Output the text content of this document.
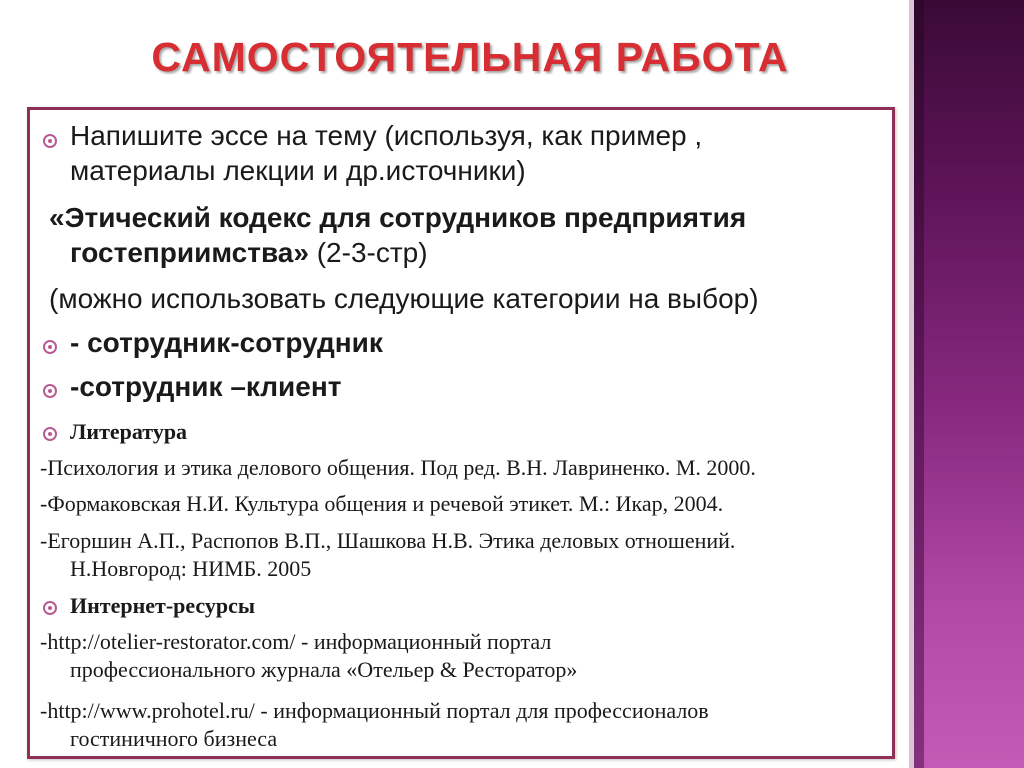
САМОСТОЯТЕЛЬНАЯ РАБОТА

Напишите эссе на тему (используя, как пример ,

материалы лекции и др.источники)

«Этический кодекс для сотрудников предприятия

гостеприимства» (2-3-стр)

(можно использовать следующие категории на выбор)

- сотрудник-сотрудник

-сотрудник –клиент

Литература

-Психология и этика делового общения. Под ред. В.Н. Лавриненко. М. 2000.

-Формаковская Н.И. Культура общения и речевой этикет. М.: Икар, 2004.

-Егоршин А.П., Распопов В.П., Шашкова Н.В. Этика деловых отношений.

Н.Новгород: НИМБ. 2005

Интернет-ресурсы

-http://otelier-restorator.com/ - информационный портал

профессионального журнала «Отельер & Ресторатор»

-http://www.prohotel.ru/ - информационный портал для профессионалов

гостиничного бизнеса
